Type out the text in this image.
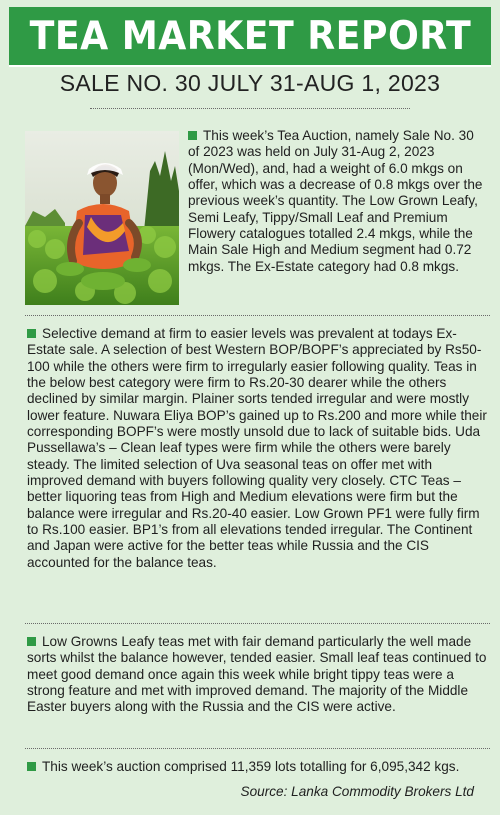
TEA MARKET REPORT
SALE NO. 30 JULY 31-AUG 1, 2023
This week’s Tea Auction, namely Sale No. 30 of 2023 was held on July 31-Aug 2, 2023 (Mon/Wed), and, had a weight of 6.0 mkgs on offer, which was a decrease of 0.8 mkgs over the previous week’s quantity. The Low Grown Leafy, Semi Leafy, Tippy/Small Leaf and Premium Flowery catalogues totalled 2.4 mkgs, while the Main Sale High and Medium segment had 0.72 mkgs. The Ex-Estate category had 0.8 mkgs.
Selective demand at firm to easier levels was prevalent at todays Ex-Estate sale. A selection of best Western BOP/BOPF’s appreciated by Rs50-100 while the others were firm to irregularly easier following quality. Teas in the below best category were firm to Rs.20-30 dearer while the others declined by similar margin. Plainer sorts tended irregular and were mostly lower feature. Nuwara Eliya BOP’s gained up to Rs.200 and more while their corresponding BOPF’s were mostly unsold due to lack of suitable bids. Uda Pussellawa’s – Clean leaf types were firm while the others were barely steady. The limited selection of Uva seasonal teas on offer met with improved demand with buyers following quality very closely. CTC Teas – better liquoring teas from High and Medium elevations were firm but the balance were irregular and Rs.20-40 easier. Low Grown PF1 were fully firm to Rs.100 easier. BP1’s from all elevations tended irregular. The Continent and Japan were active for the better teas while Russia and the CIS accounted for the balance teas.
Low Growns Leafy teas met with fair demand particularly the well made sorts whilst the balance however, tended easier. Small leaf teas continued to meet good demand once again this week while bright tippy teas were a strong feature and met with improved demand. The majority of the Middle Easter buyers along with the Russia and the CIS were active.
This week’s auction comprised 11,359 lots totalling for 6,095,342 kgs.
Source: Lanka Commodity Brokers Ltd
